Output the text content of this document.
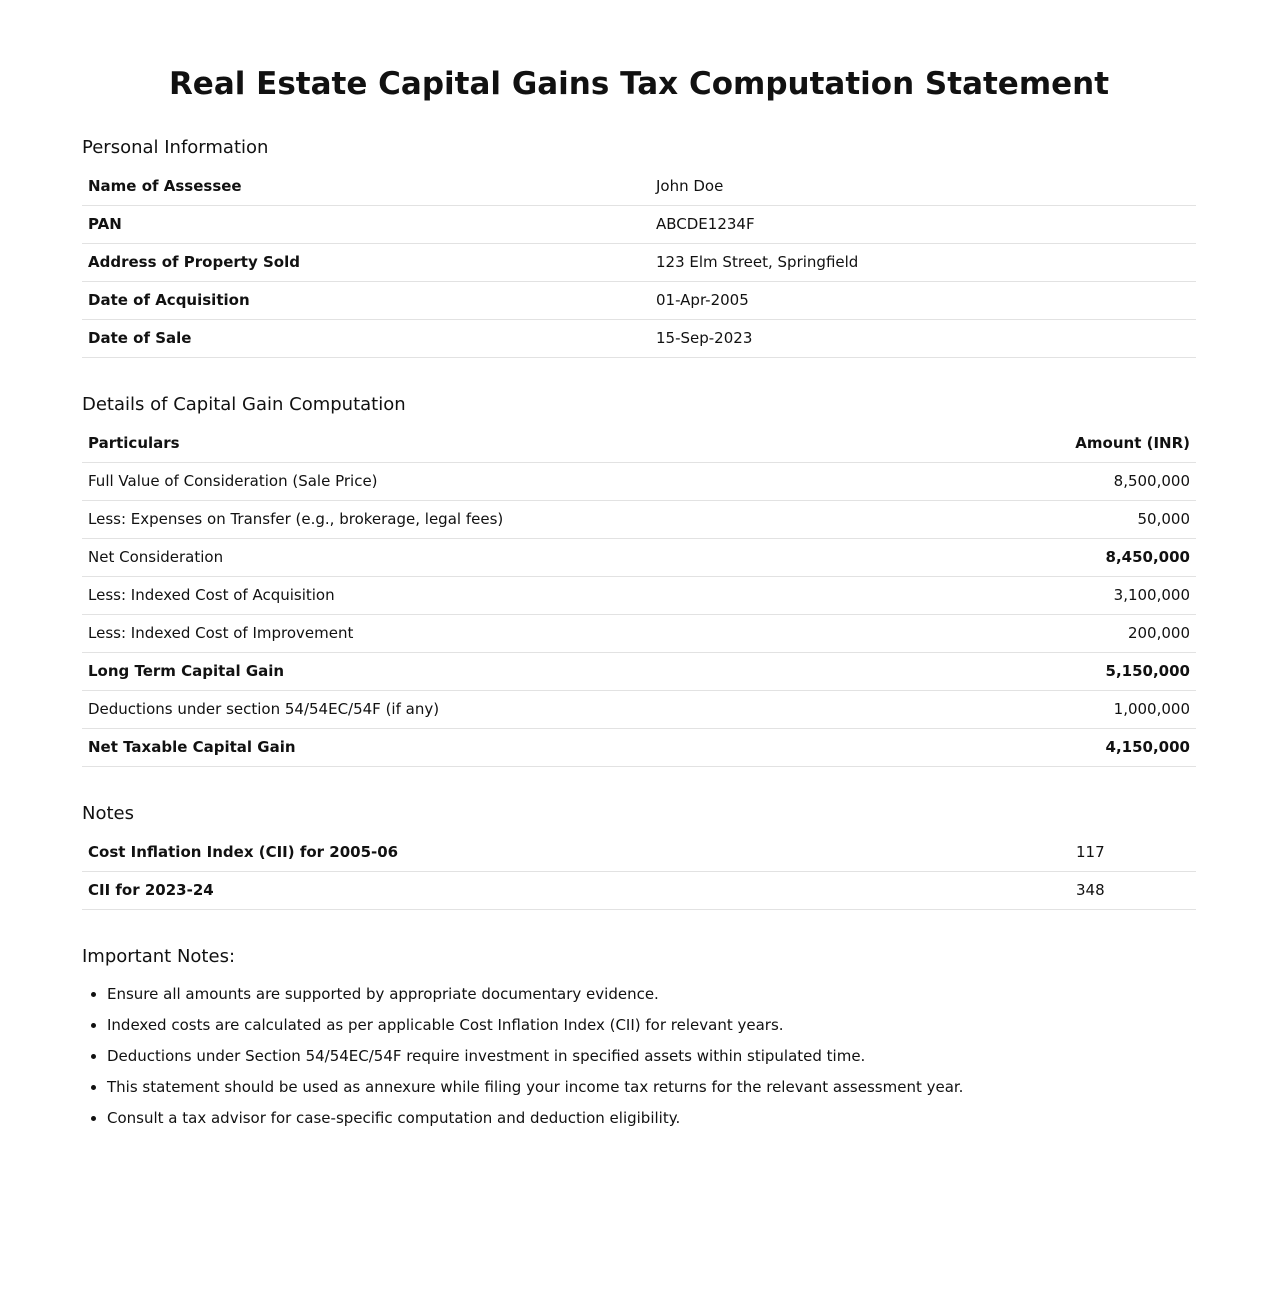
Real Estate Capital Gains Tax Computation Statement
Personal Information
Name of Assessee	John Doe
PAN	ABCDE1234F
Address of Property Sold	123 Elm Street, Springfield
Date of Acquisition	01-Apr-2005
Date of Sale	15-Sep-2023
Details of Capital Gain Computation
Particulars	Amount (INR)
Full Value of Consideration (Sale Price)	8,500,000
Less: Expenses on Transfer (e.g., brokerage, legal fees)	50,000
Net Consideration	8,450,000
Less: Indexed Cost of Acquisition	3,100,000
Less: Indexed Cost of Improvement	200,000
Long Term Capital Gain	5,150,000
Deductions under section 54/54EC/54F (if any)	1,000,000
Net Taxable Capital Gain	4,150,000
Notes
Cost Inflation Index (CII) for 2005-06	117
CII for 2023-24	348
Important Notes:
• Ensure all amounts are supported by appropriate documentary evidence.
• Indexed costs are calculated as per applicable Cost Inflation Index (CII) for relevant years.
• Deductions under Section 54/54EC/54F require investment in specified assets within stipulated time.
• This statement should be used as annexure while filing your income tax returns for the relevant assessment year.
• Consult a tax advisor for case-specific computation and deduction eligibility.
